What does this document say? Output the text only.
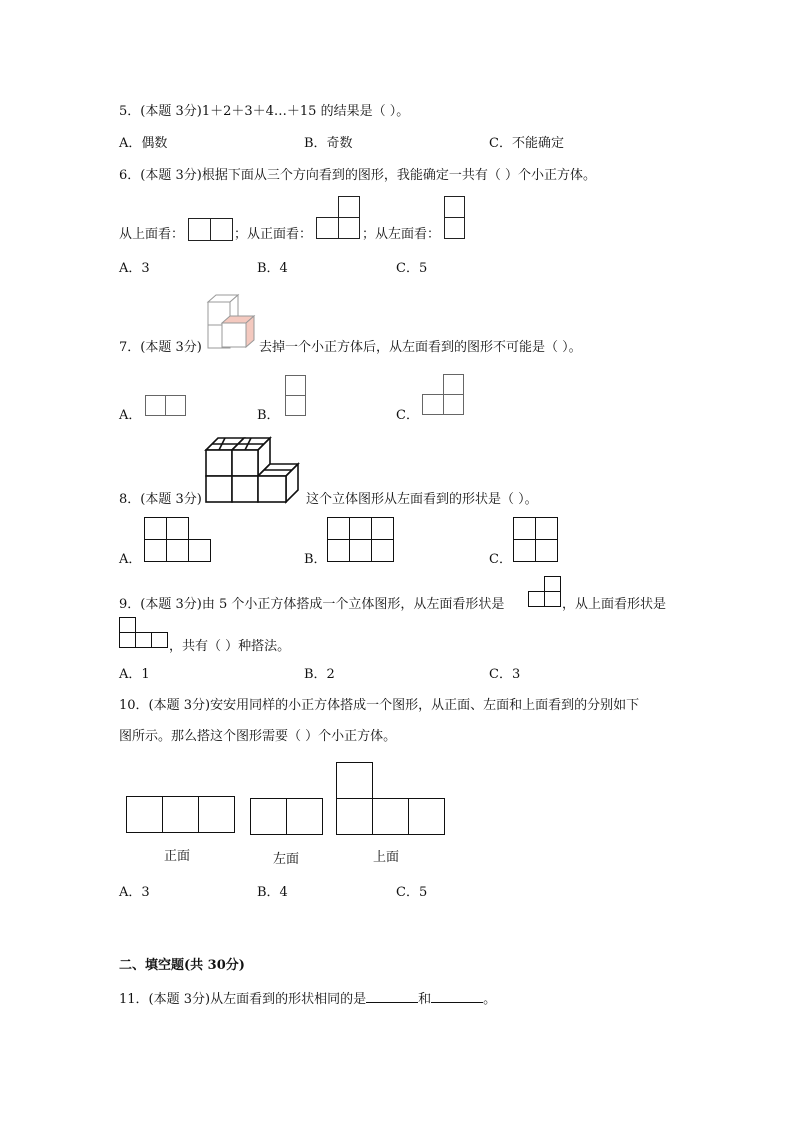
5．(本题 3分)1＋2＋3＋4…＋15 的结果是（ ）。
A．偶数	B．奇数	C．不能确定
6．(本题 3分)根据下面从三个方向看到的图形，我能确定一共有（ ）个小正方体。
从上面看：	；从正面看：	；从左面看：
A．3	B．4	C．5
7．(本题 3分)	去掉一个小正方体后，从左面看到的图形不可能是（ ）。
A．	B．	C．
8．(本题 3分)	这个立体图形从左面看到的形状是（ ）。
A．	B．	C．
9．(本题 3分)由 5 个小正方体搭成一个立体图形，从左面看形状是	，从上面看形状是
，共有（ ）种搭法。
A．1	B．2	C．3
10．(本题 3分)安安用同样的小正方体搭成一个图形，从正面、左面和上面看到的分别如下
图所示。那么搭这个图形需要（ ）个小正方体。
正面	左面	上面
A．3	B．4	C．5
二、填空题(共 30分)
11．(本题 3分)从左面看到的形状相同的是	和	。
